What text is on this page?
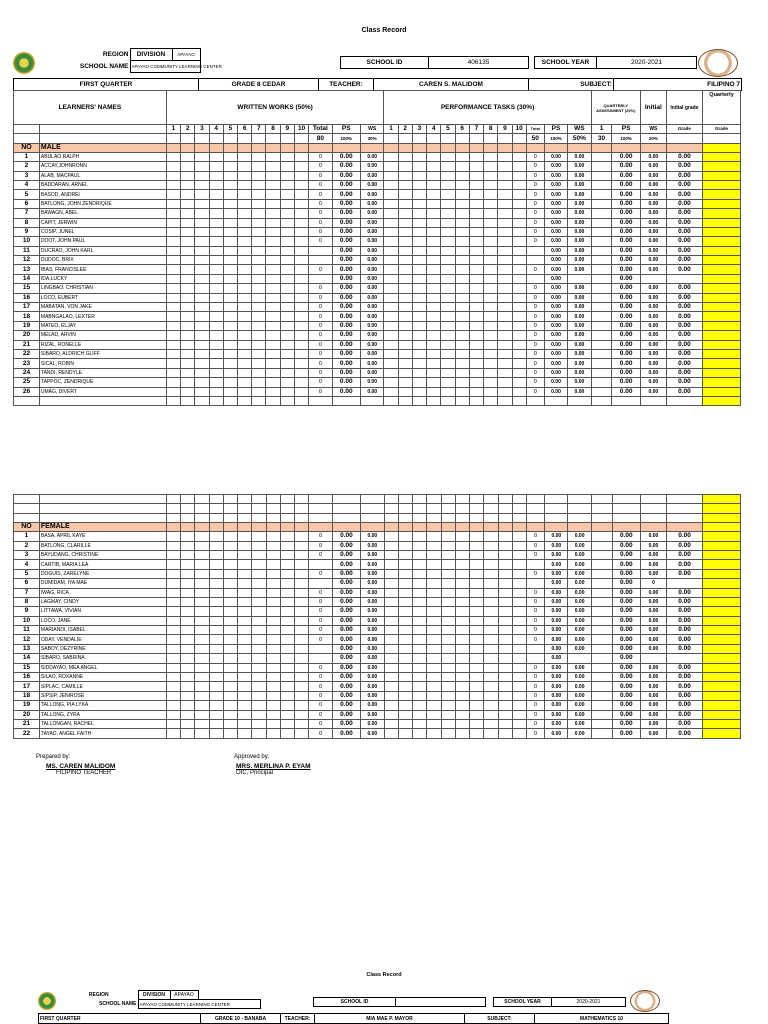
Class Record
REGION	DIVISION	APAYAO	
SCHOOL NAME	APAYAO COMMUNITY LEARNING CENTER		
SCHOOL ID	406135		SCHOOL YEAR	2020-2021
FIRST QUARTER	GRADE 8 CEDAR	TEACHER:	CAREN S. MALIDOM	SUBJECT:	FILIPINO 7
LEARNERS' NAMES		WRITTEN WORKS (50%)													PERFORMANCE TASKS (30%)													QUARTERLY ASSESSMENT (20%)		Initial	Initial grade	Quarterly
		1	2	3	4	5	6	7	8	9	10	Total	PS	WS	1	2	3	4	5	6	7	8	9	10	Total	PS	WS	1	PS	WS	Grade	Grade
												80	100%	30%											50	100%	50%	30	100%	20%		
NO	MALE																															
1	ABULAO,RALPH											0	0.00	0.00											0	0.00	0.00		0.00	0.00	0.00	
2	ACCAY,JOHNRONN											0	0.00	0.00											0	0.00	0.00		0.00	0.00	0.00	
3	ALAB, MACPAUL											0	0.00	0.00											0	0.00	0.00		0.00	0.00	0.00	
4	BADDARAN, ARNEL											0	0.00	0.00											0	0.00	0.00		0.00	0.00	0.00	
5	BASOD, ANDREI											0	0.00	0.00											0	0.00	0.00		0.00	0.00	0.00	
6	BATLONG, JOHN ZENDRIQUE											0	0.00	0.00											0	0.00	0.00		0.00	0.00	0.00	
7	BAWAGN, ABEL											0	0.00	0.00											0	0.00	0.00		0.00	0.00	0.00	
8	CAPIT, JERWIN											0	0.00	0.00											0	0.00	0.00		0.00	0.00	0.00	
9	COSIP, JUNEL											0	0.00	0.00											0	0.00	0.00		0.00	0.00	0.00	
10	DOOT, JOHN PAUL											0	0.00	0.00											0	0.00	0.00		0.00	0.00	0.00	
11	DUCRAO, JOHN KARL												0.00	0.00												0.00	0.00		0.00	0.00	0.00	
12	DUDOC, BRIX												0.00	0.00												0.00	0.00		0.00	0.00	0.00	
13	IBAS, FRANCISLEE											0	0.00	0.00											0	0.00	0.00		0.00	0.00	0.00	
14	IDA,LUCKY												0.00	0.00												0.00			0.00			
15	LINGBAO, CHRISTIAN											0	0.00	0.00											0	0.00	0.00		0.00	0.00	0.00	
16	LOCO, EUBERT											0	0.00	0.00											0	0.00	0.00		0.00	0.00	0.00	
17	MABATAN, VON JAKE											0	0.00	0.00											0	0.00	0.00		0.00	0.00	0.00	
18	MABNGALAO, LEXTER											0	0.00	0.00											0	0.00	0.00		0.00	0.00	0.00	
19	MATEO, ELJAY											0	0.00	0.00											0	0.00	0.00		0.00	0.00	0.00	
20	MELAD, ARVIN											0	0.00	0.00											0	0.00	0.00		0.00	0.00	0.00	
21	RIZAL, RONELLE											0	0.00	0.00											0	0.00	0.00		0.00	0.00	0.00	
22	SIBARO, ALDRICH GLIFF											0	0.00	0.00											0	0.00	0.00		0.00	0.00	0.00	
23	SICAL, ROBIN											0	0.00	0.00											0	0.00	0.00		0.00	0.00	0.00	
24	TANDI, RENDYLE											0	0.00	0.00											0	0.00	0.00		0.00	0.00	0.00	
25	TAPPOC, ZENDRIQUE											0	0.00	0.00											0	0.00	0.00		0.00	0.00	0.00	
26	UMAG, DIVERT											0	0.00	0.00											0	0.00	0.00		0.00	0.00	0.00	

NO	FEMALE																															
1	BASA, APRIL KAYE											0	0.00	0.00											0	0.00	0.00		0.00	0.00	0.00	
2	BATLONG, CLARILLE											0	0.00	0.00											0	0.00	0.00		0.00	0.00	0.00	
3	BAYUDANG, CHRISTINE											0	0.00	0.00											0	0.00	0.00		0.00	0.00	0.00	
4	CARTIB, MARIA LEA												0.00	0.00												0.00	0.00		0.00	0.00	0.00	
5	DOGUIS, ZARELYNE											0	0.00	0.00											0	0.00	0.00		0.00	0.00	0.00	
6	DUMIDAM, IYA MAE												0.00	0.00												0.00	0.00		0.00	0		
7	IWAG, RICA											0	0.00	0.00											0	0.00	0.00		0.00	0.00	0.00	
8	LAGMAY, CINDY											0	0.00	0.00											0	0.00	0.00		0.00	0.00	0.00	
9	LITTAWA, VIVIAN											0	0.00	0.00											0	0.00	0.00		0.00	0.00	0.00	
10	LOCO, JANE											0	0.00	0.00											0	0.00	0.00		0.00	0.00	0.00	
11	MARIANDI, ISABEL											0	0.00	0.00											0	0.00	0.00		0.00	0.00	0.00	
12	ODAY, VENDALIE											0	0.00	0.00											0	0.00	0.00		0.00	0.00	0.00	
13	SABOY, DEZYRINE												0.00	0.00												0.00	0.00		0.00	0.00	0.00	
14	SIBARO, SABRINA												0.00	0.00												0.00			0.00			
15	SIDDAYAO, MEA ANGEL											0	0.00	0.00											0	0.00	0.00		0.00	0.00	0.00	
16	SILAO, ROXANNE											0	0.00	0.00											0	0.00	0.00		0.00	0.00	0.00	
17	SIPLAC, CAMILLE											0	0.00	0.00											0	0.00	0.00		0.00	0.00	0.00	
18	SIPSIP, JENIROSE											0	0.00	0.00											0	0.00	0.00		0.00	0.00	0.00	
19	TALLONG, PIA LYKA											0	0.00	0.00											0	0.00	0.00		0.00	0.00	0.00	
20	TALLONG, ZYRA											0	0.00	0.00											0	0.00	0.00		0.00	0.00	0.00	
21	TALLONGAN, RACHEL											0	0.00	0.00											0	0.00	0.00		0.00	0.00	0.00	
22	TAYAD, ANGEL FAITH											0	0.00	0.00											0	0.00	0.00		0.00	0.00	0.00	
Prepared by:
MS. CAREN MALIDOM
FILIPINO TEACHER
Approved by:
MRS. MERLINA P. EYAM
OIC, Principal
Class Record
REGION	DIVISION	APAYAO	
SCHOOL NAME	APAYAO COMMUNITY LEARNING CENTER			SCHOOL ID			SCHOOL YEAR	2020-2021
FIRST QUARTER	GRADE 10 - BANABA	TEACHER:	MIA MAE P. MAYOR	SUBJECT:	MATHEMATICS 10
